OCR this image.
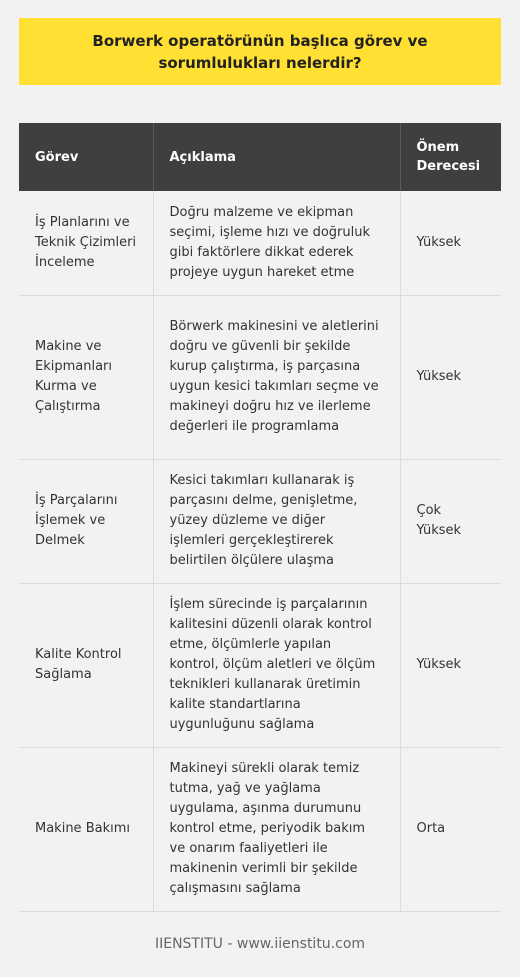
Borwerk operatörünün başlıca görev ve sorumlulukları nelerdir?
Görev	Açıklama	Önem Derecesi
İş Planlarını ve Teknik Çizimleri İnceleme	Doğru malzeme ve ekipman seçimi, işleme hızı ve doğruluk gibi faktörlere dikkat ederek projeye uygun hareket etme	Yüksek
Makine ve Ekipmanları Kurma ve Çalıştırma	Börwerk makinesini ve aletlerini doğru ve güvenli bir şekilde kurup çalıştırma, iş parçasına uygun kesici takımları seçme ve makineyi doğru hız ve ilerleme değerleri ile programlama	Yüksek
İş Parçalarını İşlemek ve Delmek	Kesici takımları kullanarak iş parçasını delme, genişletme, yüzey düzleme ve diğer işlemleri gerçekleştirerek belirtilen ölçülere ulaşma	Çok Yüksek
Kalite Kontrol Sağlama	İşlem sürecinde iş parçalarının kalitesini düzenli olarak kontrol etme, ölçümlerle yapılan kontrol, ölçüm aletleri ve ölçüm teknikleri kullanarak üretimin kalite standartlarına uygunluğunu sağlama	Yüksek
Makine Bakımı	Makineyi sürekli olarak temiz tutma, yağ ve yağlama uygulama, aşınma durumunu kontrol etme, periyodik bakım ve onarım faaliyetleri ile makinenin verimli bir şekilde çalışmasını sağlama	Orta
IIENSTITU - www.iienstitu.com
